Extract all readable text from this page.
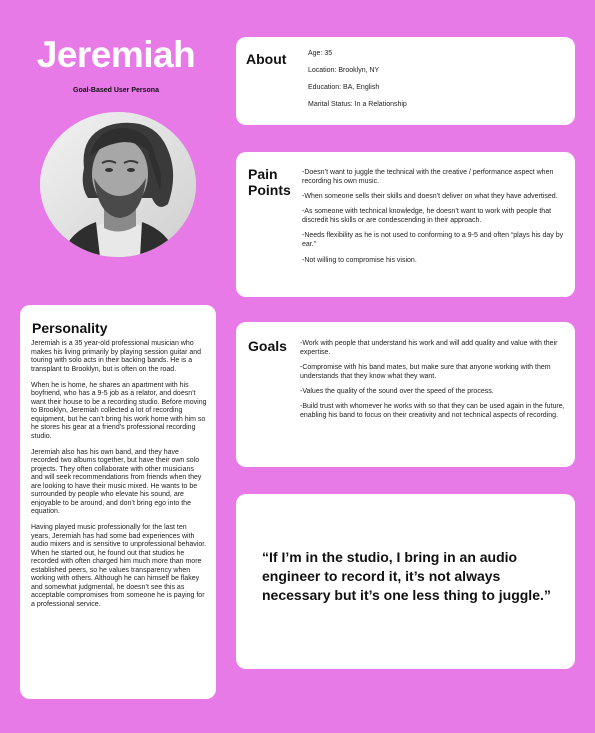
Jeremiah
Goal-Based User Persona
About	Age: 35
Location: Brooklyn, NY
Education: BA, English
Marital Status: In a Relationship
Pain
Points

-Doesn’t want to juggle the technical with the creative / performance aspect when recording his own music.

-When someone sells their skills and doesn’t deliver on what they have advertised.

-As someone with technical knowledge, he doesn’t want to work with people that discredit his skills or are condescending in their approach.

-Needs flexibility as he is not used to conforming to a 9-5 and often “plays his day by ear.”

-Not willing to compromise his vision.

Personality

Jeremiah is a 35 year-old professional musician who makes his living primarily by playing session guitar and touring with solo acts in their backing bands. He is a transplant to Brooklyn, but is often on the road.

When he is home, he shares an apartment with his boyfriend, who has a 9-5 job as a relator, and doesn’t want their house to be a recording studio. Before moving to Brooklyn, Jeremiah collected a lot of recording equipment, but he can’t bring his work home with him so he stores his gear at a friend’s professional recording studio.

Jeremiah also has his own band, and they have recorded two albums together, but have their own solo projects. They often collaborate with other musicians and will seek recommendations from friends when they are looking to have their music mixed. He wants to be surrounded by people who elevate his sound, are enjoyable to be around, and don’t bring ego into the equation.

Having played music professionally for the last ten years, Jeremiah has had some bad experiences with audio mixers and is sensitive to unprofessional behavior. When he started out, he found out that studios he recorded with often charged him much more than more established peers, so he values transparency when working with others. Although he can himself be flakey and somewhat judgmental, he doesn’t see this as acceptable compromises from someone he is paying for a professional service.

Goals -Work with people that understand his work and will add quality and value with their expertise.

-Compromise with his band mates, but make sure that anyone working with them understands that they know what they want.

-Values the quality of the sound over the speed of the process.

-Build trust with whomever he works with so that they can be used again in the future, enabling his band to focus on their creativity and not technical aspects of recording.

“If I’m in the studio, I bring in an audio engineer to record it, it’s not always necessary but it’s one less thing to juggle.”
